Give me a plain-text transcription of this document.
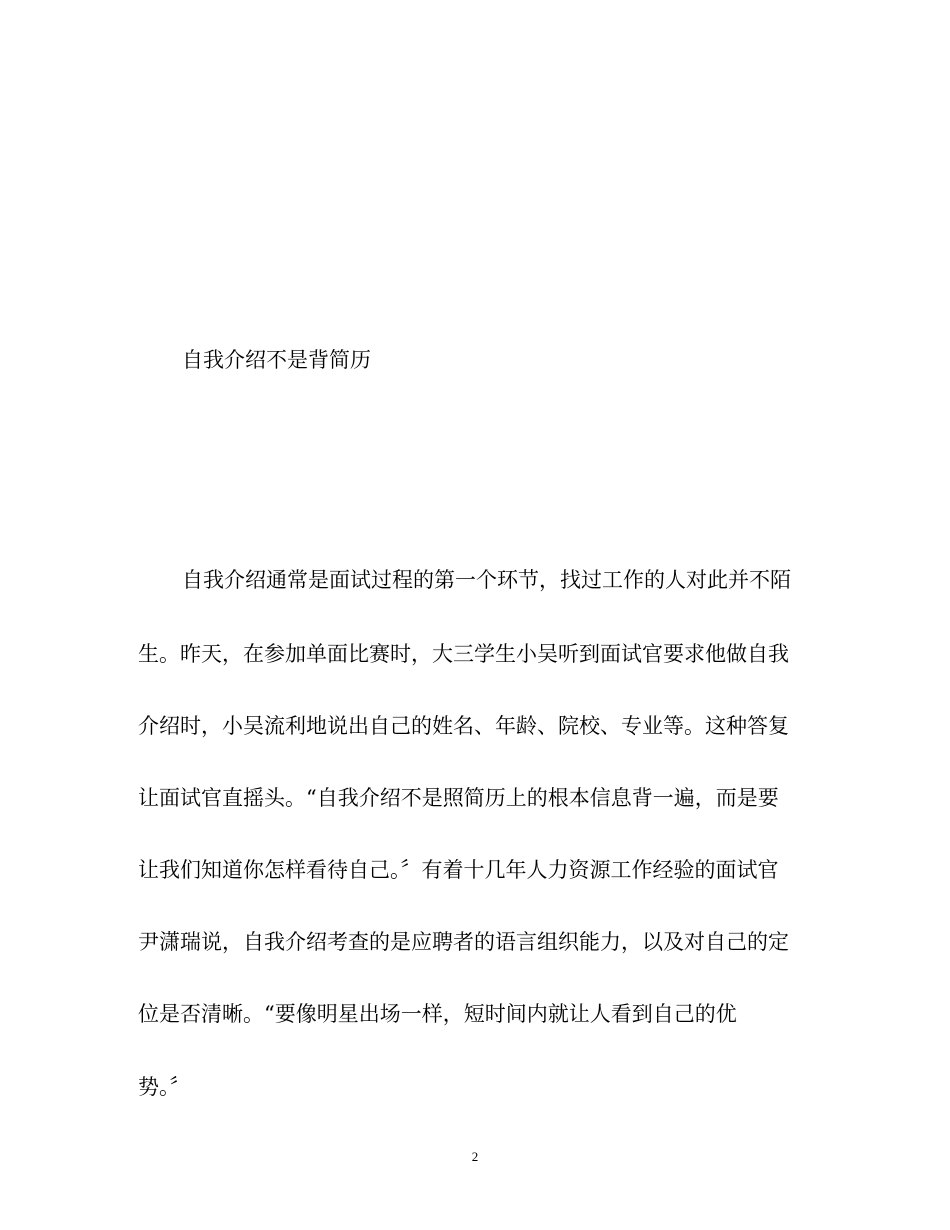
自我介绍不是背简历

自我介绍通常是面试过程的第一个环节，找过工作的人对此并不陌

生。昨天，在参加单面比赛时，大三学生小吴听到面试官要求他做自我

介绍时，小吴流利地说出自己的姓名、年龄、院校、专业等。这种答复

让面试官直摇头。“自我介绍不是照简历上的根本信息背一遍，而是要

让我们知道你怎样看待自己。〞有着十几年人力资源工作经验的面试官

尹潇瑞说，自我介绍考查的是应聘者的语言组织能力，以及对自己的定

位是否清晰。“要像明星出场一样，短时间内就让人看到自己的优

势。〞

2
